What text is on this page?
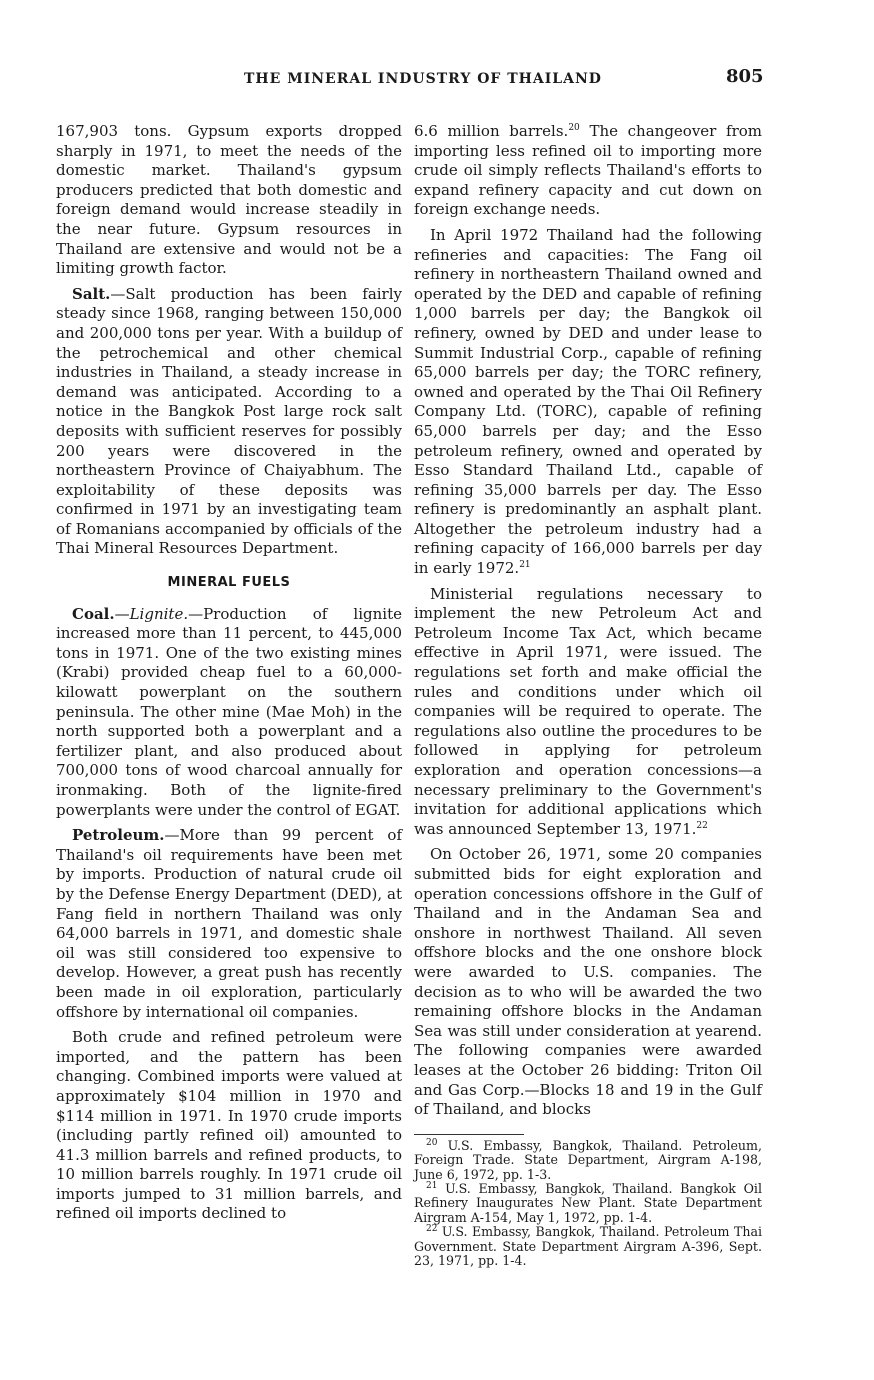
THE MINERAL INDUSTRY OF THAILAND	805

167,903 tons. Gypsum exports dropped sharply in 1971, to meet the needs of the domestic market. Thailand's gypsum producers predicted that both domestic and foreign demand would increase steadily in the near future. Gypsum resources in Thailand are extensive and would not be a limiting growth factor.

Salt.—Salt production has been fairly steady since 1968, ranging between 150,000 and 200,000 tons per year. With a buildup of the petrochemical and other chemical industries in Thailand, a steady increase in demand was anticipated. According to a notice in the Bangkok Post large rock salt deposits with sufficient reserves for possibly 200 years were discovered in the northeastern Province of Chaiyabhum. The exploitability of these deposits was confirmed in 1971 by an investigating team of Romanians accompanied by officials of the Thai Mineral Resources Department.

MINERAL FUELS

Coal.—Lignite.—Production of lignite increased more than 11 percent, to 445,000 tons in 1971. One of the two existing mines (Krabi) provided cheap fuel to a 60,000-kilowatt powerplant on the southern peninsula. The other mine (Mae Moh) in the north supported both a powerplant and a fertilizer plant, and also produced about 700,000 tons of wood charcoal annually for ironmaking. Both of the lignite-fired powerplants were under the control of EGAT.

Petroleum.—More than 99 percent of Thailand's oil requirements have been met by imports. Production of natural crude oil by the Defense Energy Department (DED), at Fang field in northern Thailand was only 64,000 barrels in 1971, and domestic shale oil was still considered too expensive to develop. However, a great push has recently been made in oil exploration, particularly offshore by international oil companies.

Both crude and refined petroleum were imported, and the pattern has been changing. Combined imports were valued at approximately $104 million in 1970 and $114 million in 1971. In 1970 crude imports (including partly refined oil) amounted to 41.3 million barrels and refined products, to 10 million barrels roughly. In 1971 crude oil imports jumped to 31 million barrels, and refined oil imports declined to

6.6 million barrels.$^{20}$ The changeover from importing less refined oil to importing more crude oil simply reflects Thailand's efforts to expand refinery capacity and cut down on foreign exchange needs.

In April 1972 Thailand had the following refineries and capacities: The Fang oil refinery in northeastern Thailand owned and operated by the DED and capable of refining 1,000 barrels per day; the Bangkok oil refinery, owned by DED and under lease to Summit Industrial Corp., capable of refining 65,000 barrels per day; the TORC refinery, owned and operated by the Thai Oil Refinery Company Ltd. (TORC), capable of refining 65,000 barrels per day; and the Esso petroleum refinery, owned and operated by Esso Standard Thailand Ltd., capable of refining 35,000 barrels per day. The Esso refinery is predominantly an asphalt plant. Altogether the petroleum industry had a refining capacity of 166,000 barrels per day in early 1972.21

Ministerial regulations necessary to implement the new Petroleum Act and Petroleum Income Tax Act, which became effective in April 1971, were issued. The regulations set forth and make official the rules and conditions under which oil companies will be required to operate. The regulations also outline the procedures to be followed in applying for petroleum exploration and operation concessions—a necessary preliminary to the Government's invitation for additional applications which was announced September 13, 1971.22

On October 26, 1971, some 20 companies submitted bids for eight exploration and operation concessions offshore in the Gulf of Thailand and in the Andaman Sea and onshore in northwest Thailand. All seven offshore blocks and the one onshore block were awarded to U.S. companies. The decision as to who will be awarded the two remaining offshore blocks in the Andaman Sea was still under consideration at yearend. The following companies were awarded leases at the October 26 bidding: Triton Oil and Gas Corp.—Blocks 18 and 19 in the Gulf of Thailand, and blocks

$^{20}$ U.S. Embassy, Bangkok, Thailand. Petroleum, Foreign Trade. State Department, Airgram A-198, June 6, 1972, pp. 1-3.

$^{21}$ U.S. Embassy, Bangkok, Thailand. Bangkok Oil Refinery Inaugurates New Plant. State Department Airgram A-154, May 1, 1972, pp. 1-4.

$^{22}$ U.S. Embassy, Bangkok, Thailand. Petroleum Thai Government. State Department Airgram A-396, Sept. 23, 1971, pp. 1-4.
